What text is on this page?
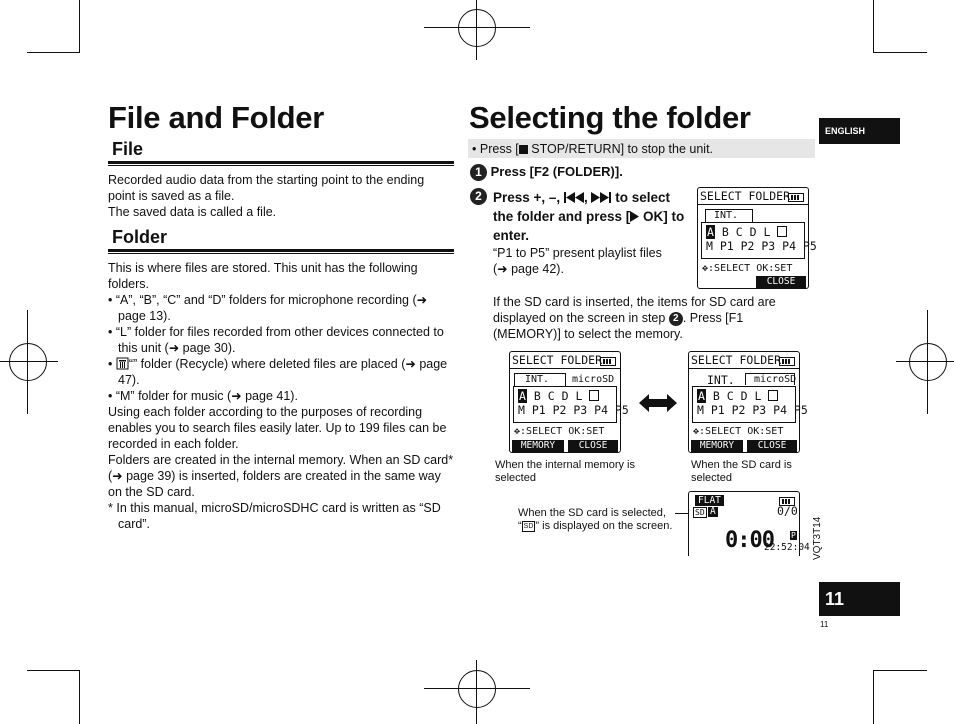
File and Folder
File
Recorded audio data from the starting point to the ending point is saved as a file.
The saved data is called a file.
Folder
This is where files are stored. This unit has the following folders.
• “A”, “B”, “C” and “D” folders for microphone recording (➜ page 13).
• “L” folder for files recorded from other devices connected to this unit (➜ page 30).
• “” folder (Recycle) where deleted files are placed (➜ page 47).
• “M” folder for music (➜ page 41).
Using each folder according to the purposes of recording enables you to search files easily later. Up to 199 files can be recorded in each folder.
Folders are created in the internal memory. When an SD card* (➜ page 39) is inserted, folders are created in the same way on the SD card.
* In this manual, microSD/microSDHC card is written as “SD card”.
Selecting the folder
• Press [ STOP/RETURN] to stop the unit.
1 Press [F2 (FOLDER)].
2 Press +, –, ,  to select the folder and press [ OK] to enter.
“P1 to P5” present playlist files (➜ page 42).
SELECT FOLDER
INT.
A B C D L
M P1 P2 P3 P4 P5
✥:SELECT OK:SET
CLOSE
If the SD card is inserted, the items for SD card are displayed on the screen in step 2 . Press [F1 (MEMORY)] to select the memory.
SELECT FOLDER
INT.	microSD
A B C D L
M P1 P2 P3 P4 P5
✥:SELECT OK:SET
MEMORY	CLOSE
SELECT FOLDER
INT.	microSD
A B C D L
M P1 P2 P3 P4 P5
✥:SELECT OK:SET
MEMORY	CLOSE
When the internal memory is selected
When the SD card is selected
When the SD card is selected,
“ SD ” is displayed on the screen.
FLAT
SD A	0/0
0:00 P
22:52:04
ENGLISH
VQT3T14
11
11
